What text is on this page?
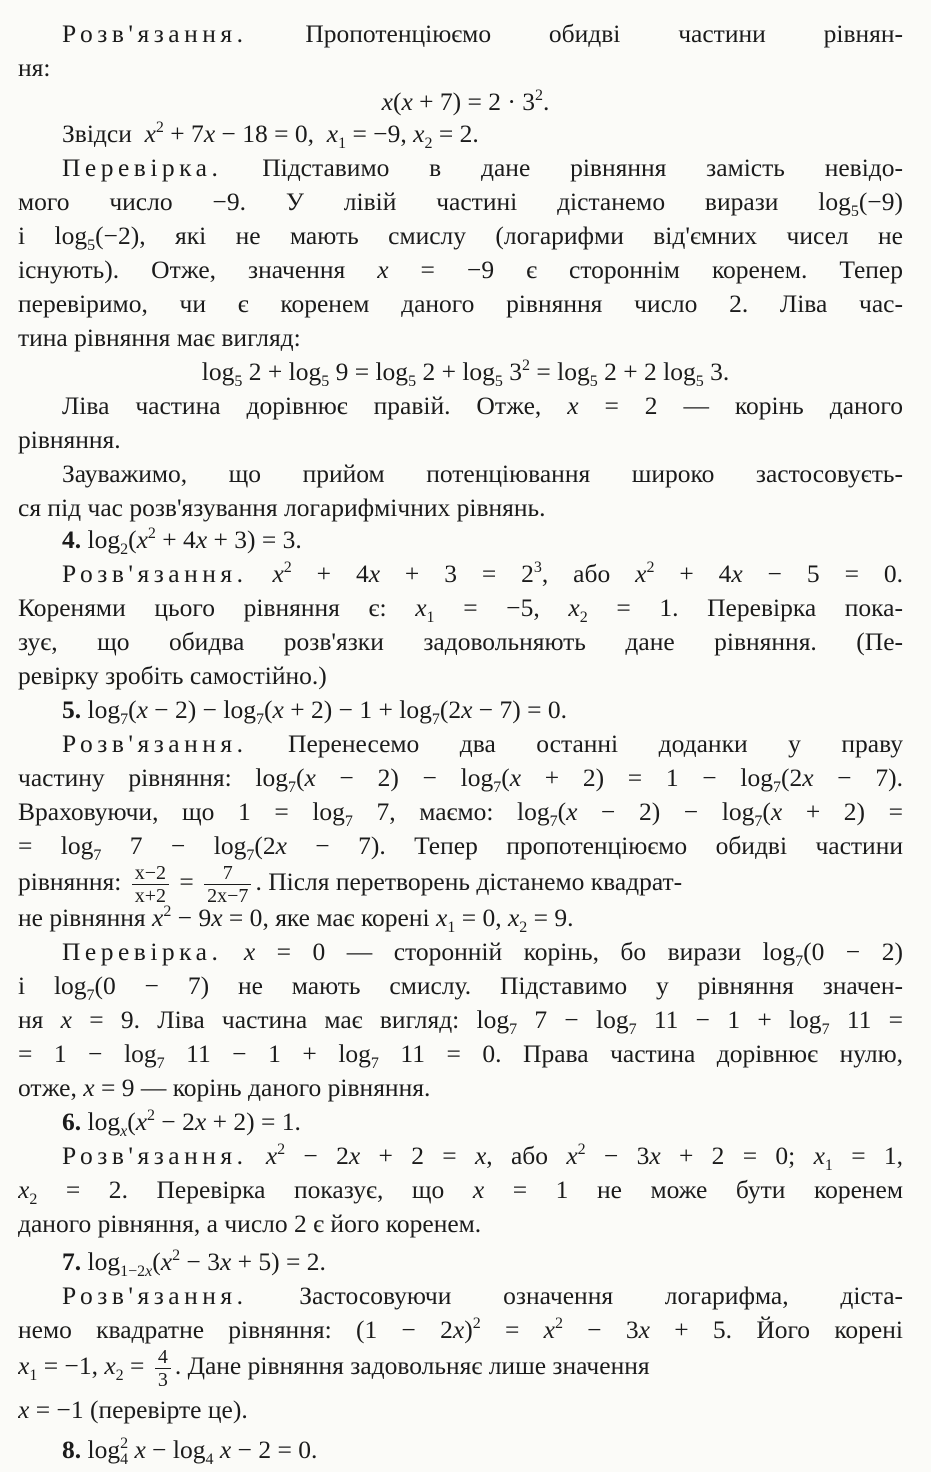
Розв'язання. Пропотенціюємо обидві частини рівнян-
ня:
$x(x + 7) = 2 \cdot 3^2$.
Звідси $x^2 + 7x - 18 = 0$,  $x_1 = -9$, $x_2 = 2$.
Перевірка. Підставимо в дане рівняння замість невідо-
мого число −9. У лівій частині дістанемо вирази $\log_5(-9)$
і $\log_5(-2)$, які не мають смислу (логарифми від'ємних чисел не
існують). Отже, значення x = −9 є стороннім коренем. Тепер
перевіримо, чи є коренем даного рівняння число 2. Ліва час-
тина рівняння має вигляд:
$\log_5 2 + \log_5 9 = \log_5 2 + \log_5 3^2 = \log_5 2 + 2$ $\log_5 3$.
Ліва частина дорівнює правій. Отже, x = 2 — корінь даного
рівняння.
Зауважимо, що прийом потенціювання широко застосовуєть-
ся під час розв'язування логарифмічних рівнянь.
4. $\log_2(x^2 + 4x + 3) = 3$.
Розв'язання. $x^2 + 4x + 3 = 2^3$, або $x^2 + 4x - 5 = 0$.
Коренями цього рівняння є: $x_1 = -5$, $x_2 = 1$. Перевірка пока-
зує, що обидва розв'язки задовольняють дане рівняння. (Пе-
ревірку зробіть самостійно.)
5. $\log_7(x - 2) - \log_7(x + 2) - 1 + \log_7(2x - 7) = 0$.
Розв'язання. Перенесемо два останні доданки у праву
частину рівняння: $\log_7(x - 2) - \log_7(x + 2) = 1 - \log_7(2x - 7)$.
Враховуючи, що $1 = \log_7 7$, маємо: $\log_7(x - 2) - \log_7(x + 2)$ =
= $\log_7 7 - \log_7(2x - 7)$. Тепер пропотенціюємо обидві частини
рівняння: $\frac{x-2}{x+2} = \frac{7}{2x-7}$ . Після перетворень дістанемо квадрат-
не рівняння $x^2 - 9x = 0$, яке має корені $x_1 = 0$, $x_2 = 9$.
Перевірка. x = 0 — сторонній корінь, бо вирази $\log_7(0 - 2)$
і $\log_7(0 - 7)$ не мають смислу. Підставимо у рівняння значен-
ня x = 9. Ліва частина має вигляд: $\log_7 7 - \log_7 11 - 1 + \log_7 11$ =
= $1 - \log_7 11 - 1 + \log_7 11 = 0$. Права частина дорівнює нулю,
отже, x = 9 — корінь даного рівняння.
6. $\log_x(x^2 - 2x + 2) = 1$.
Розв'язання. $x^2 - 2x + 2 = x$, або $x^2 - 3x + 2 = 0$; $x_1 = 1$,
$x_2 = 2$. Перевірка показує, що x = 1 не може бути коренем
даного рівняння, а число 2 є його коренем.
7. $\log_{1-2x}(x^2 - 3x + 5) = 2$.
Розв'язання. Застосовуючи означення логарифма, діста-
немо квадратне рівняння: $(1 - 2x)^2 = x^2 - 3x + 5$. Його корені
$x_1 = -1$, $x_2 = \frac{4}{3}$ . Дане рівняння задовольняє лише значення
x = −1 (перевірте це).
8. $\log_4^2 x - \log_4 x - 2 = 0$.
